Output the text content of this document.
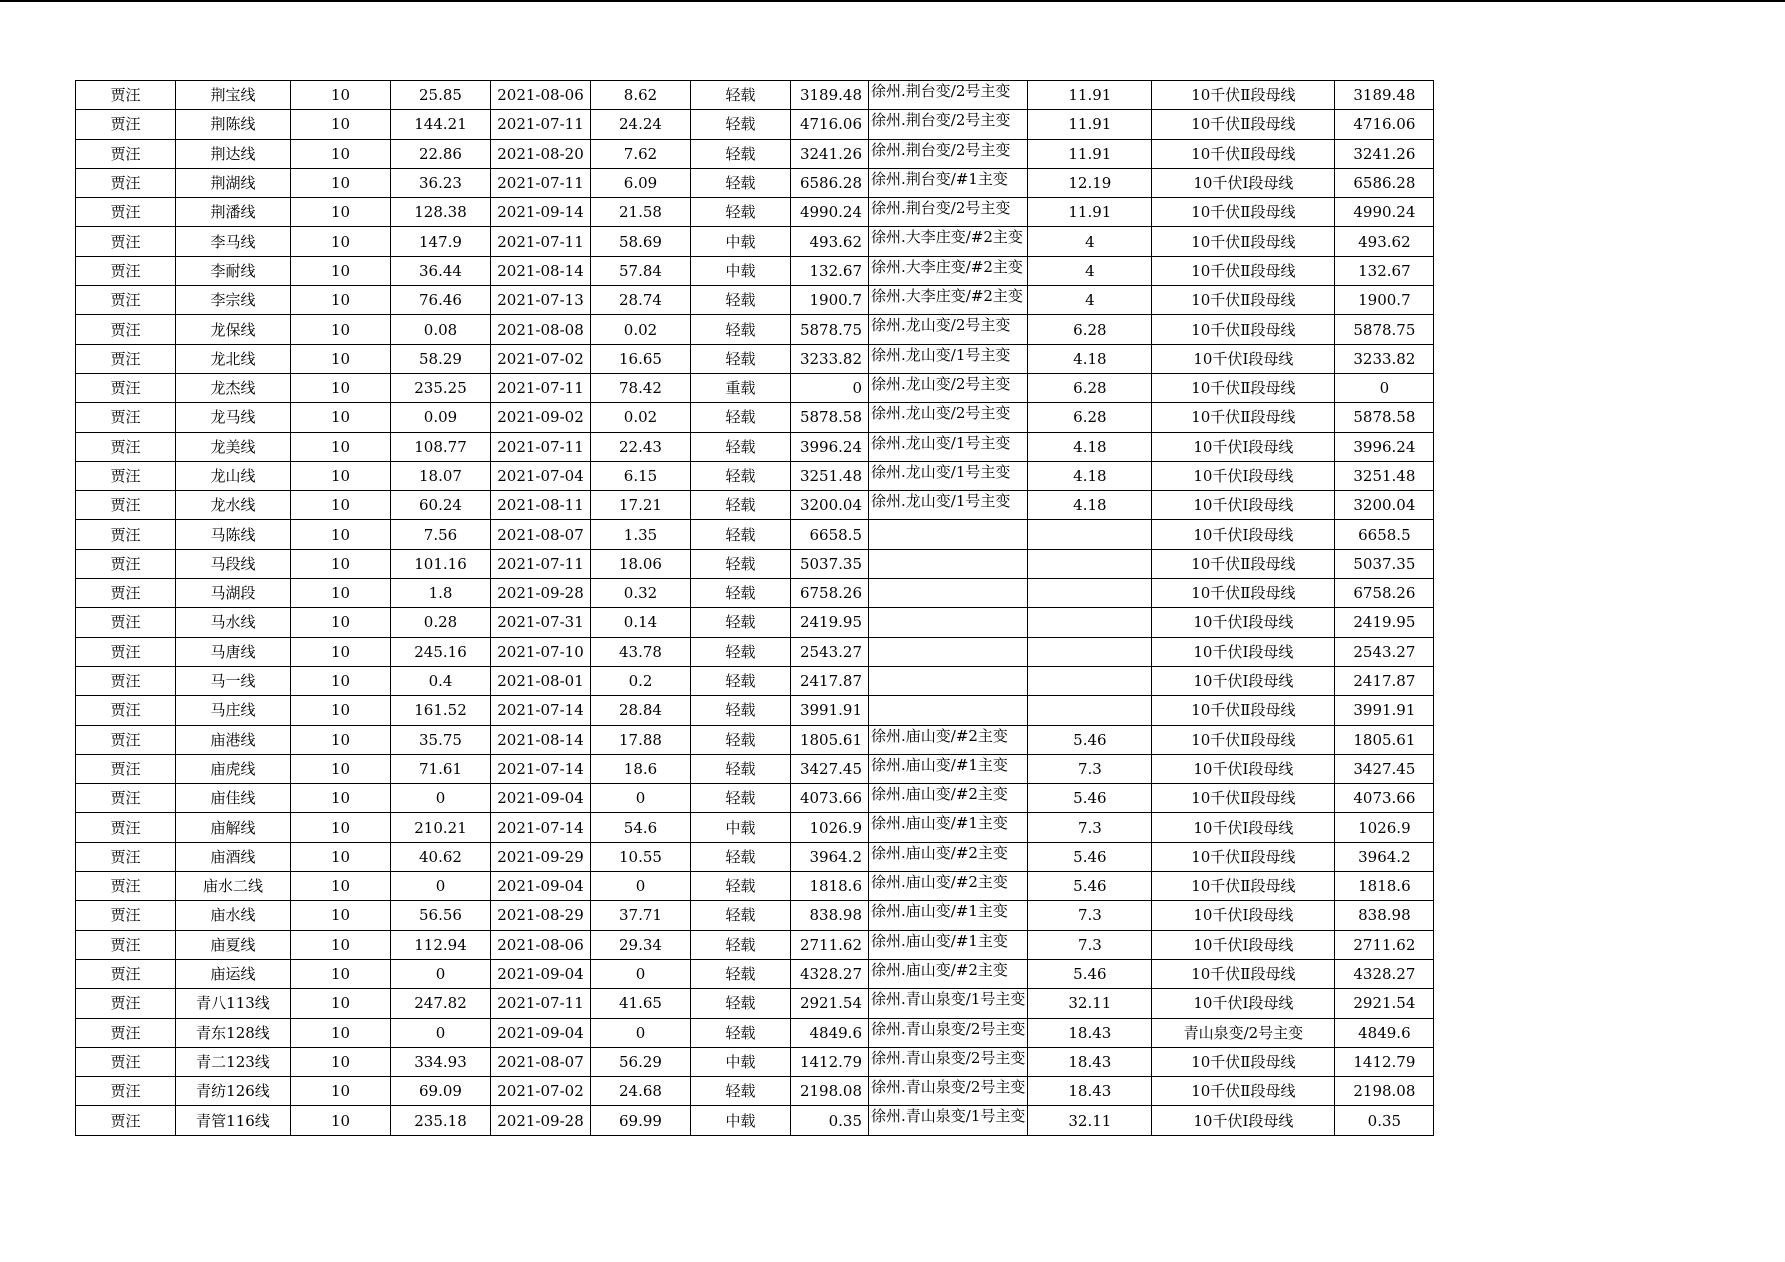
贾汪	荆宝线	10	25.85	2021-08-06	8.62	轻载	3189.48	徐州.荆台变/2号主变	11.91	10千伏Ⅱ段母线	3189.48
贾汪	荆陈线	10	144.21	2021-07-11	24.24	轻载	4716.06	徐州.荆台变/2号主变	11.91	10千伏Ⅱ段母线	4716.06
贾汪	荆达线	10	22.86	2021-08-20	7.62	轻载	3241.26	徐州.荆台变/2号主变	11.91	10千伏Ⅱ段母线	3241.26
贾汪	荆湖线	10	36.23	2021-07-11	6.09	轻载	6586.28	徐州.荆台变/#1主变	12.19	10千伏Ⅰ段母线	6586.28
贾汪	荆潘线	10	128.38	2021-09-14	21.58	轻载	4990.24	徐州.荆台变/2号主变	11.91	10千伏Ⅱ段母线	4990.24
贾汪	李马线	10	147.9	2021-07-11	58.69	中载	493.62	徐州.大李庄变/#2主变	4	10千伏Ⅱ段母线	493.62
贾汪	李耐线	10	36.44	2021-08-14	57.84	中载	132.67	徐州.大李庄变/#2主变	4	10千伏Ⅱ段母线	132.67
贾汪	李宗线	10	76.46	2021-07-13	28.74	轻载	1900.7	徐州.大李庄变/#2主变	4	10千伏Ⅱ段母线	1900.7
贾汪	龙保线	10	0.08	2021-08-08	0.02	轻载	5878.75	徐州.龙山变/2号主变	6.28	10千伏Ⅱ段母线	5878.75
贾汪	龙北线	10	58.29	2021-07-02	16.65	轻载	3233.82	徐州.龙山变/1号主变	4.18	10千伏Ⅰ段母线	3233.82
贾汪	龙杰线	10	235.25	2021-07-11	78.42	重载	0	徐州.龙山变/2号主变	6.28	10千伏Ⅱ段母线	0
贾汪	龙马线	10	0.09	2021-09-02	0.02	轻载	5878.58	徐州.龙山变/2号主变	6.28	10千伏Ⅱ段母线	5878.58
贾汪	龙美线	10	108.77	2021-07-11	22.43	轻载	3996.24	徐州.龙山变/1号主变	4.18	10千伏Ⅰ段母线	3996.24
贾汪	龙山线	10	18.07	2021-07-04	6.15	轻载	3251.48	徐州.龙山变/1号主变	4.18	10千伏Ⅰ段母线	3251.48
贾汪	龙水线	10	60.24	2021-08-11	17.21	轻载	3200.04	徐州.龙山变/1号主变	4.18	10千伏Ⅰ段母线	3200.04
贾汪	马陈线	10	7.56	2021-08-07	1.35	轻载	6658.5			10千伏Ⅰ段母线	6658.5
贾汪	马段线	10	101.16	2021-07-11	18.06	轻载	5037.35			10千伏Ⅱ段母线	5037.35
贾汪	马湖段	10	1.8	2021-09-28	0.32	轻载	6758.26			10千伏Ⅱ段母线	6758.26
贾汪	马水线	10	0.28	2021-07-31	0.14	轻载	2419.95			10千伏Ⅰ段母线	2419.95
贾汪	马唐线	10	245.16	2021-07-10	43.78	轻载	2543.27			10千伏Ⅰ段母线	2543.27
贾汪	马一线	10	0.4	2021-08-01	0.2	轻载	2417.87			10千伏Ⅰ段母线	2417.87
贾汪	马庄线	10	161.52	2021-07-14	28.84	轻载	3991.91			10千伏Ⅱ段母线	3991.91
贾汪	庙港线	10	35.75	2021-08-14	17.88	轻载	1805.61	徐州.庙山变/#2主变	5.46	10千伏Ⅱ段母线	1805.61
贾汪	庙虎线	10	71.61	2021-07-14	18.6	轻载	3427.45	徐州.庙山变/#1主变	7.3	10千伏Ⅰ段母线	3427.45
贾汪	庙佳线	10	0	2021-09-04	0	轻载	4073.66	徐州.庙山变/#2主变	5.46	10千伏Ⅱ段母线	4073.66
贾汪	庙解线	10	210.21	2021-07-14	54.6	中载	1026.9	徐州.庙山变/#1主变	7.3	10千伏Ⅰ段母线	1026.9
贾汪	庙酒线	10	40.62	2021-09-29	10.55	轻载	3964.2	徐州.庙山变/#2主变	5.46	10千伏Ⅱ段母线	3964.2
贾汪	庙水二线	10	0	2021-09-04	0	轻载	1818.6	徐州.庙山变/#2主变	5.46	10千伏Ⅱ段母线	1818.6
贾汪	庙水线	10	56.56	2021-08-29	37.71	轻载	838.98	徐州.庙山变/#1主变	7.3	10千伏Ⅰ段母线	838.98
贾汪	庙夏线	10	112.94	2021-08-06	29.34	轻载	2711.62	徐州.庙山变/#1主变	7.3	10千伏Ⅰ段母线	2711.62
贾汪	庙运线	10	0	2021-09-04	0	轻载	4328.27	徐州.庙山变/#2主变	5.46	10千伏Ⅱ段母线	4328.27
贾汪	青八113线	10	247.82	2021-07-11	41.65	轻载	2921.54	徐州.青山泉变/1号主变	32.11	10千伏Ⅰ段母线	2921.54
贾汪	青东128线	10	0	2021-09-04	0	轻载	4849.6	徐州.青山泉变/2号主变	18.43	青山泉变/2号主变	4849.6
贾汪	青二123线	10	334.93	2021-08-07	56.29	中载	1412.79	徐州.青山泉变/2号主变	18.43	10千伏Ⅱ段母线	1412.79
贾汪	青纺126线	10	69.09	2021-07-02	24.68	轻载	2198.08	徐州.青山泉变/2号主变	18.43	10千伏Ⅱ段母线	2198.08
贾汪	青管116线	10	235.18	2021-09-28	69.99	中载	0.35	徐州.青山泉变/1号主变	32.11	10千伏Ⅰ段母线	0.35
